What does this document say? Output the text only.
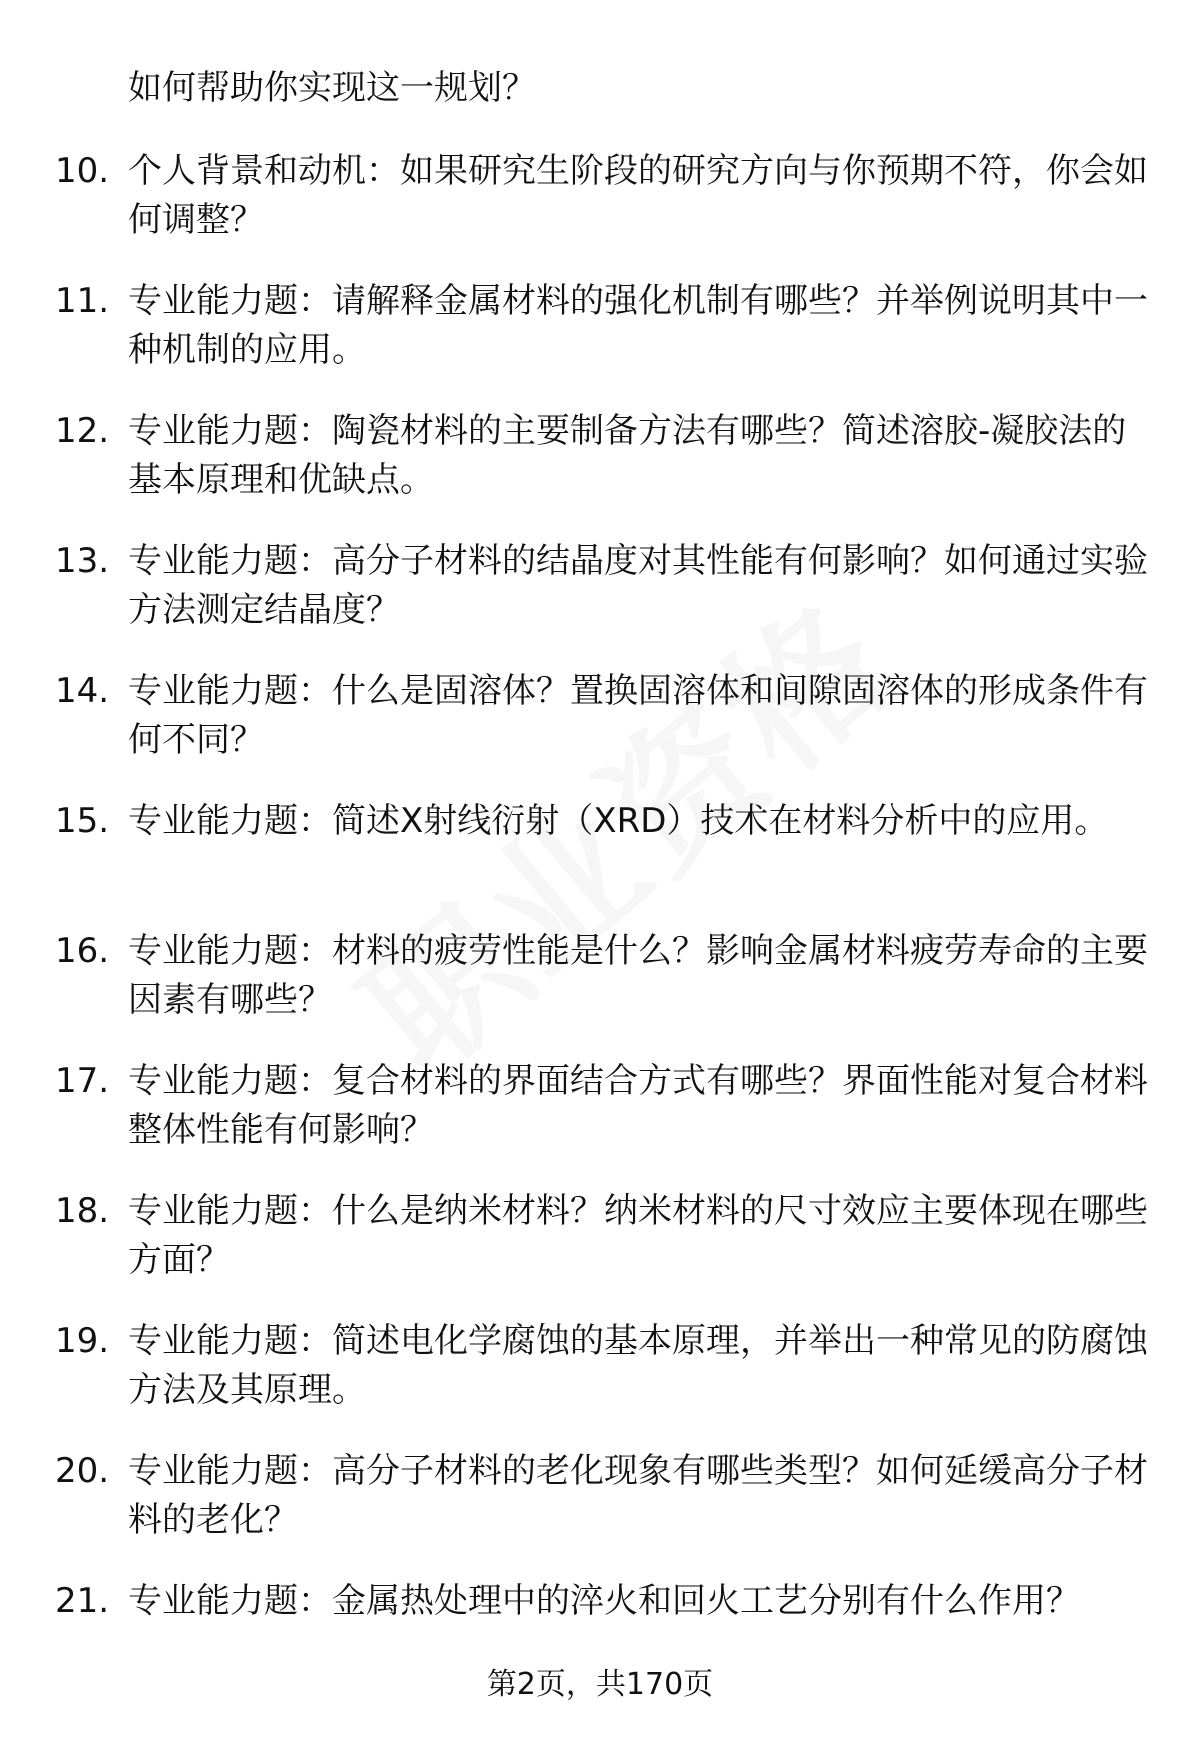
如何帮助你实现这一规划？
10. 个人背景和动机：如果研究生阶段的研究方向与你预期不符，你会如何调整？
11. 专业能力题：请解释金属材料的强化机制有哪些？并举例说明其中一种机制的应用。
12. 专业能力题：陶瓷材料的主要制备方法有哪些？简述溶胶-凝胶法的基本原理和优缺点。
13. 专业能力题：高分子材料的结晶度对其性能有何影响？如何通过实验方法测定结晶度？
14. 专业能力题：什么是固溶体？置换固溶体和间隙固溶体的形成条件有何不同？
15. 专业能力题：简述X射线衍射（XRD）技术在材料分析中的应用。
16. 专业能力题：材料的疲劳性能是什么？影响金属材料疲劳寿命的主要因素有哪些？
17. 专业能力题：复合材料的界面结合方式有哪些？界面性能对复合材料整体性能有何影响？
18. 专业能力题：什么是纳米材料？纳米材料的尺寸效应主要体现在哪些方面？
19. 专业能力题：简述电化学腐蚀的基本原理，并举出一种常见的防腐蚀方法及其原理。
20. 专业能力题：高分子材料的老化现象有哪些类型？如何延缓高分子材料的老化？
21. 专业能力题：金属热处理中的淬火和回火工艺分别有什么作用？
第2页，共170页
